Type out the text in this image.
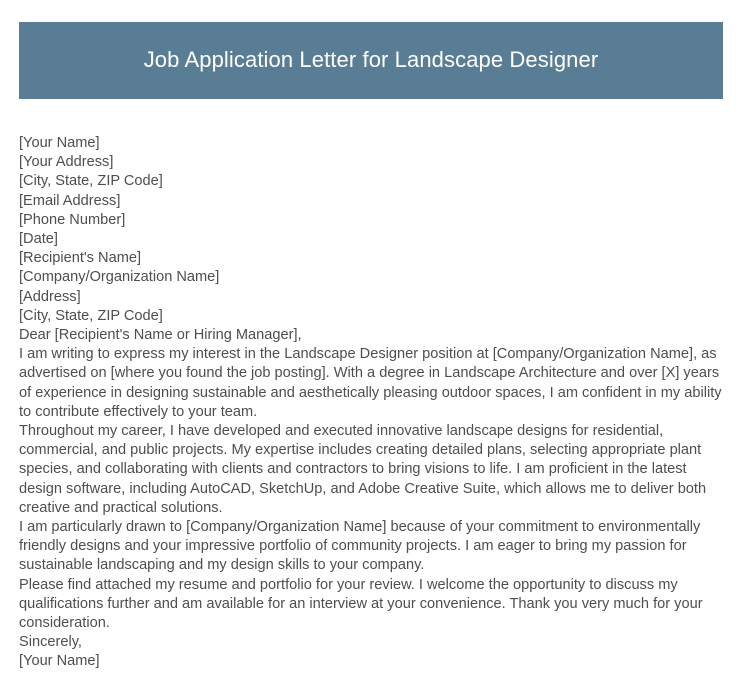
Job Application Letter for Landscape Designer
[Your Name]
[Your Address]
[City, State, ZIP Code]
[Email Address]
[Phone Number]
[Date]
[Recipient's Name]
[Company/Organization Name]
[Address]
[City, State, ZIP Code]
Dear [Recipient's Name or Hiring Manager],

I am writing to express my interest in the Landscape Designer position at [Company/Organization Name], as advertised on [where you found the job posting]. With a degree in Landscape Architecture and over [X] years of experience in designing sustainable and aesthetically pleasing outdoor spaces, I am confident in my ability to contribute effectively to your team.

Throughout my career, I have developed and executed innovative landscape designs for residential, commercial, and public projects. My expertise includes creating detailed plans, selecting appropriate plant species, and collaborating with clients and contractors to bring visions to life. I am proficient in the latest design software, including AutoCAD, SketchUp, and Adobe Creative Suite, which allows me to deliver both creative and practical solutions.

I am particularly drawn to [Company/Organization Name] because of your commitment to environmentally friendly designs and your impressive portfolio of community projects. I am eager to bring my passion for sustainable landscaping and my design skills to your company.

Please find attached my resume and portfolio for your review. I welcome the opportunity to discuss my qualifications further and am available for an interview at your convenience. Thank you very much for your consideration.

Sincerely,
[Your Name]
